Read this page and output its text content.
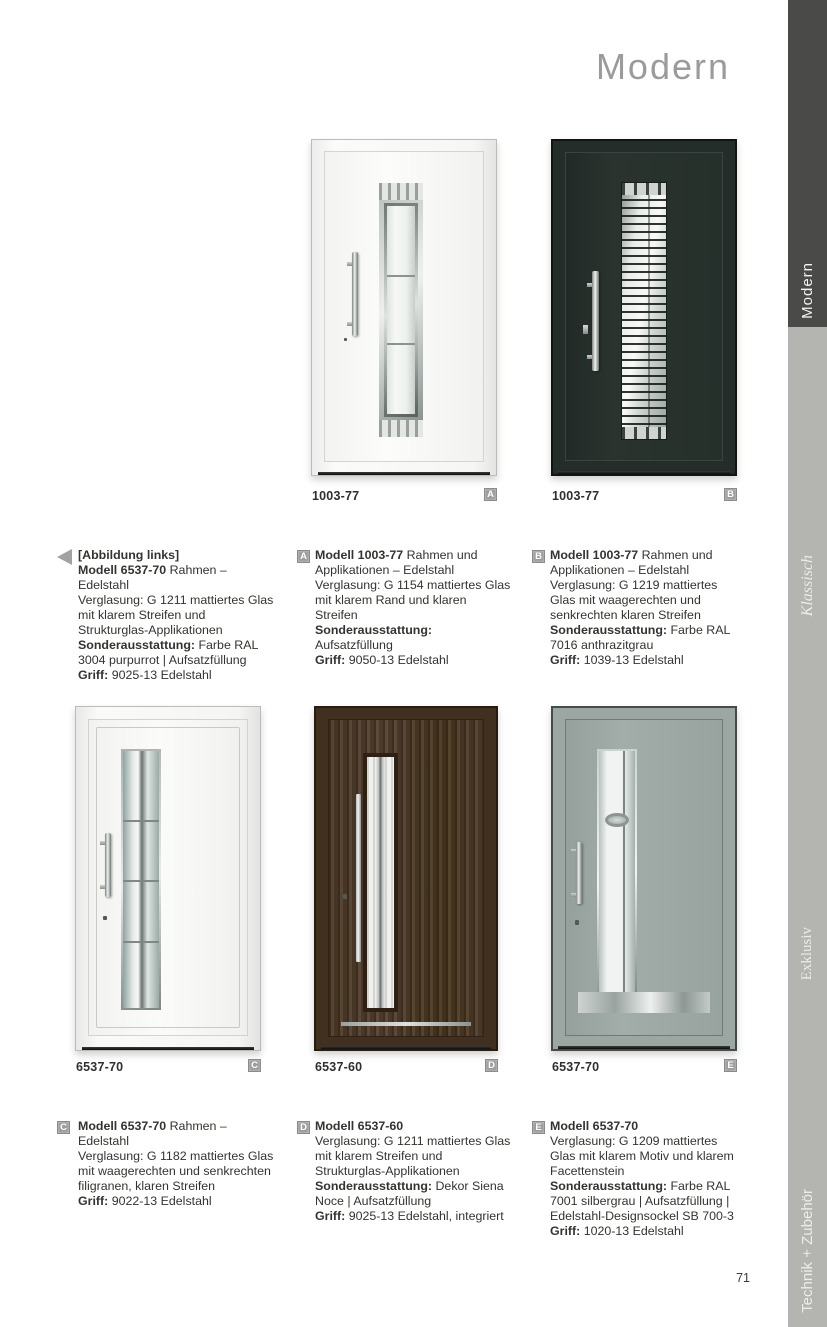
Modern
Modern
Klassisch
Exklusiv
Technik + Zubehör
1003-77	A	1003-77	B
[Abbildung links]
Modell 6537-70 Rahmen – Edelstahl
Verglasung: G 1211 mattiertes Glas mit klarem Streifen und Strukturglas-Applikationen
Sonderausstattung: Farbe RAL 3004 purpurrot | Aufsatzfüllung
Griff: 9025-13 Edelstahl
A Modell 1003-77 Rahmen und Applikationen – Edelstahl
Verglasung: G 1154 mattiertes Glas mit klarem Rand und klaren Streifen
Sonderausstattung: Aufsatzfüllung
Griff: 9050-13 Edelstahl
B Modell 1003-77 Rahmen und Applikationen – Edelstahl
Verglasung: G 1219 mattiertes Glas mit waagerechten und senkrechten klaren Streifen
Sonderausstattung: Farbe RAL 7016 anthrazitgrau
Griff: 1039-13 Edelstahl
6537-70	C	6537-60	D	6537-70	E
C Modell 6537-70 Rahmen – Edelstahl
Verglasung: G 1182 mattiertes Glas mit waagerechten und senkrechten filigranen, klaren Streifen
Griff: 9022-13 Edelstahl
D Modell 6537-60
Verglasung: G 1211 mattiertes Glas mit klarem Streifen und Strukturglas-Applikationen
Sonderausstattung: Dekor Siena Noce | Aufsatzfüllung
Griff: 9025-13 Edelstahl, integriert
E Modell 6537-70
Verglasung: G 1209 mattiertes Glas mit klarem Motiv und klarem Facettenstein
Sonderausstattung: Farbe RAL 7001 silbergrau | Aufsatzfüllung | Edelstahl-Designsockel SB 700-3
Griff: 1020-13 Edelstahl
71
